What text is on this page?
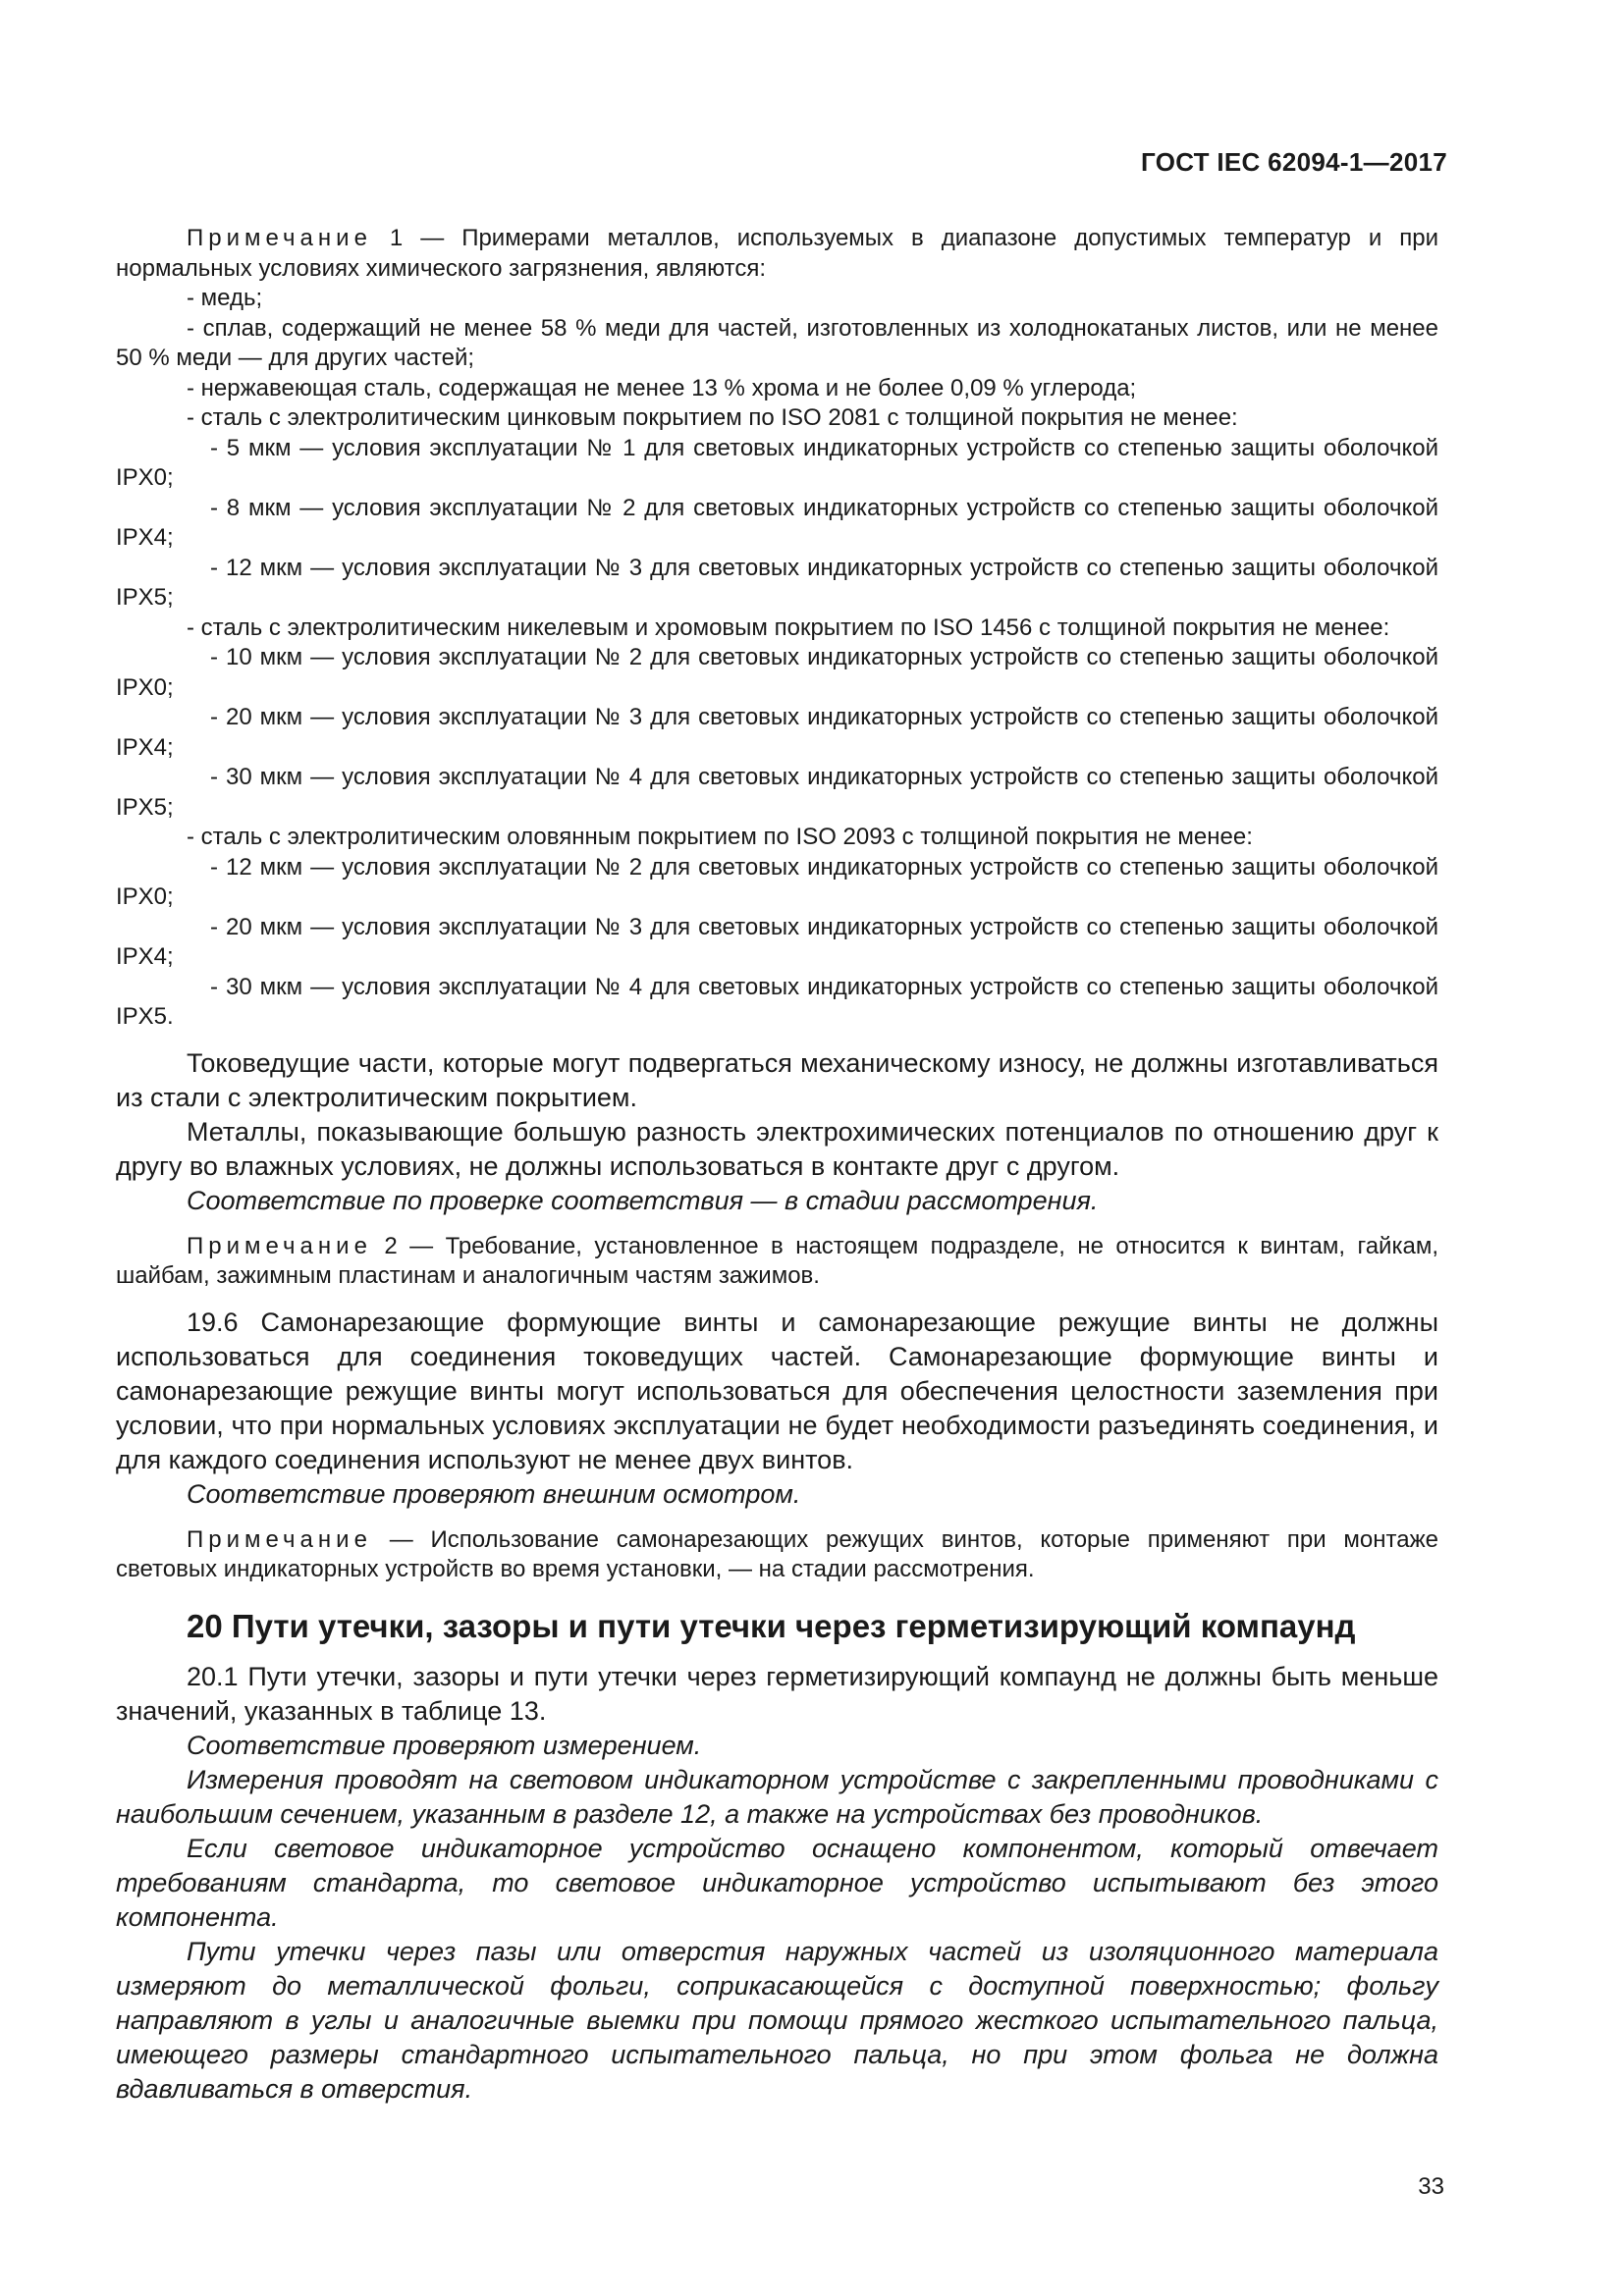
ГОСТ IEC 62094-1—2017

Примечание 1 — Примерами металлов, используемых в диапазоне допустимых температур и при нормальных условиях химического загрязнения, являются:

- медь;

- сплав, содержащий не менее 58 % меди для частей, изготовленных из холоднокатаных листов, или не менее 50 % меди — для других частей;

- нержавеющая сталь, содержащая не менее 13 % хрома и не более 0,09 % углерода;

- сталь с электролитическим цинковым покрытием по ISO 2081 с толщиной покрытия не менее:

- 5 мкм — условия эксплуатации № 1 для световых индикаторных устройств со степенью защиты оболочкой IPX0;

- 8 мкм — условия эксплуатации № 2 для световых индикаторных устройств со степенью защиты оболочкой IPX4;

- 12 мкм — условия эксплуатации № 3 для световых индикаторных устройств со степенью защиты оболочкой IPX5;

- сталь с электролитическим никелевым и хромовым покрытием по ISO 1456 с толщиной покрытия не менее:

- 10 мкм — условия эксплуатации № 2 для световых индикаторных устройств со степенью защиты оболочкой IPX0;

- 20 мкм — условия эксплуатации № 3 для световых индикаторных устройств со степенью защиты оболочкой IPX4;

- 30 мкм — условия эксплуатации № 4 для световых индикаторных устройств со степенью защиты оболочкой IPX5;

- сталь с электролитическим оловянным покрытием по ISO 2093 с толщиной покрытия не менее:

- 12 мкм — условия эксплуатации № 2 для световых индикаторных устройств со степенью защиты оболочкой IPX0;

- 20 мкм — условия эксплуатации № 3 для световых индикаторных устройств со степенью защиты оболочкой IPX4;

- 30 мкм — условия эксплуатации № 4 для световых индикаторных устройств со степенью защиты оболочкой IPX5.

Токоведущие части, которые могут подвергаться механическому износу, не должны изготавливаться из стали с электролитическим покрытием.

Металлы, показывающие большую разность электрохимических потенциалов по отношению друг к другу во влажных условиях, не должны использоваться в контакте друг с другом.

Соответствие по проверке соответствия — в стадии рассмотрения.

Примечание 2 — Требование, установленное в настоящем подразделе, не относится к винтам, гайкам, шайбам, зажимным пластинам и аналогичным частям зажимов.

19.6 Самонарезающие формующие винты и самонарезающие режущие винты не должны использоваться для соединения токоведущих частей. Самонарезающие формующие винты и самонарезающие режущие винты могут использоваться для обеспечения целостности заземления при условии, что при нормальных условиях эксплуатации не будет необходимости разъединять соединения, и для каждого соединения используют не менее двух винтов.

Соответствие проверяют внешним осмотром.

Примечание — Использование самонарезающих режущих винтов, которые применяют при монтаже световых индикаторных устройств во время установки, — на стадии рассмотрения.

20 Пути утечки, зазоры и пути утечки через герметизирующий компаунд

20.1 Пути утечки, зазоры и пути утечки через герметизирующий компаунд не должны быть меньше значений, указанных в таблице 13.

Соответствие проверяют измерением.

Измерения проводят на световом индикаторном устройстве с закрепленными проводниками с наибольшим сечением, указанным в разделе 12, а также на устройствах без проводников.

Если световое индикаторное устройство оснащено компонентом, который отвечает требованиям стандарта, то световое индикаторное устройство испытывают без этого компонента.

Пути утечки через пазы или отверстия наружных частей из изоляционного материала измеряют до металлической фольги, соприкасающейся с доступной поверхностью; фольгу направляют в углы и аналогичные выемки при помощи прямого жесткого испытательного пальца, имеющего размеры стандартного испытательного пальца, но при этом фольга не должна вдавливаться в отверстия.

33
